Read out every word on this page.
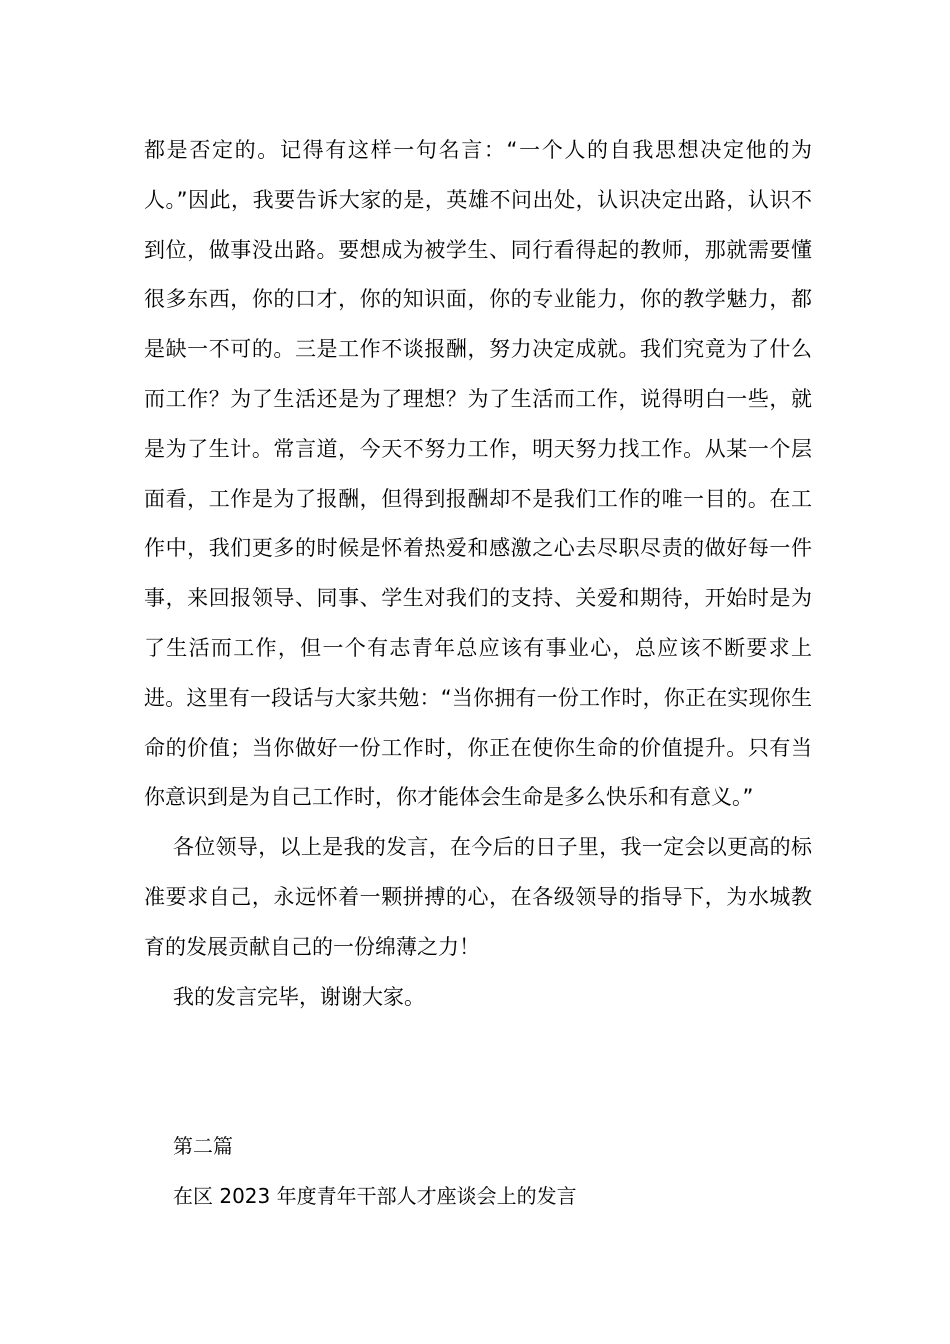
都是否定的。记得有这样一句名言：“一个人的自我思想决定他的为人。”因此，我要告诉大家的是，英雄不问出处，认识决定出路，认识不到位，做事没出路。要想成为被学生、同行看得起的教师，那就需要懂很多东西，你的口才，你的知识面，你的专业能力，你的教学魅力，都是缺一不可的。三是工作不谈报酬，努力决定成就。我们究竟为了什么而工作？为了生活还是为了理想？为了生活而工作，说得明白一些，就是为了生计。常言道，今天不努力工作，明天努力找工作。从某一个层面看，工作是为了报酬，但得到报酬却不是我们工作的唯一目的。在工作中，我们更多的时候是怀着热爱和感激之心去尽职尽责的做好每一件事，来回报领导、同事、学生对我们的支持、关爱和期待，开始时是为了生活而工作，但一个有志青年总应该有事业心，总应该不断要求上进。这里有一段话与大家共勉：“当你拥有一份工作时，你正在实现你生命的价值；当你做好一份工作时，你正在使你生命的价值提升。只有当你意识到是为自己工作时，你才能体会生命是多么快乐和有意义。”

各位领导，以上是我的发言，在今后的日子里，我一定会以更高的标准要求自己，永远怀着一颗拼搏的心，在各级领导的指导下，为水城教育的发展贡献自己的一份绵薄之力！

我的发言完毕，谢谢大家。

第二篇

在区 2023 年度青年干部人才座谈会上的发言
